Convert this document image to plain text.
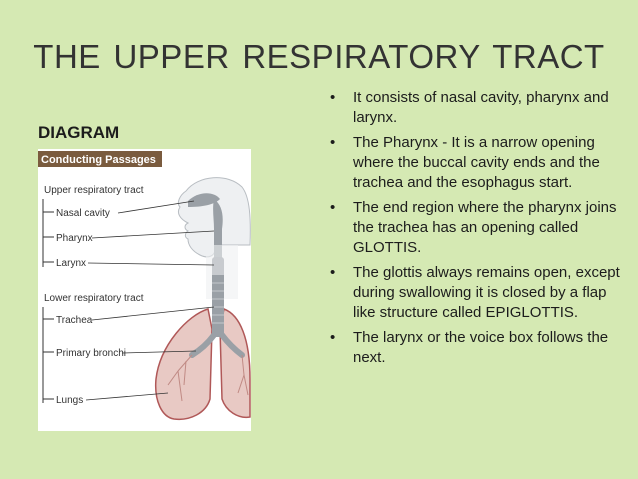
THE UPPER RESPIRATORY TRACT
DIAGRAM
Conducting Passages
Upper respiratory tract
Nasal cavity
Pharynx
Larynx
Lower respiratory tract
Trachea
Primary bronchi
Lungs
• It consists of nasal cavity, pharynx and larynx.
• The Pharynx - It is a narrow opening where the buccal cavity ends and the trachea and the esophagus start.
• The end region where the pharynx joins the trachea has an opening called GLOTTIS.
• The glottis always remains open, except during swallowing it is closed by a flap like structure called EPIGLOTTIS.
• The larynx or the voice box follows the next.
